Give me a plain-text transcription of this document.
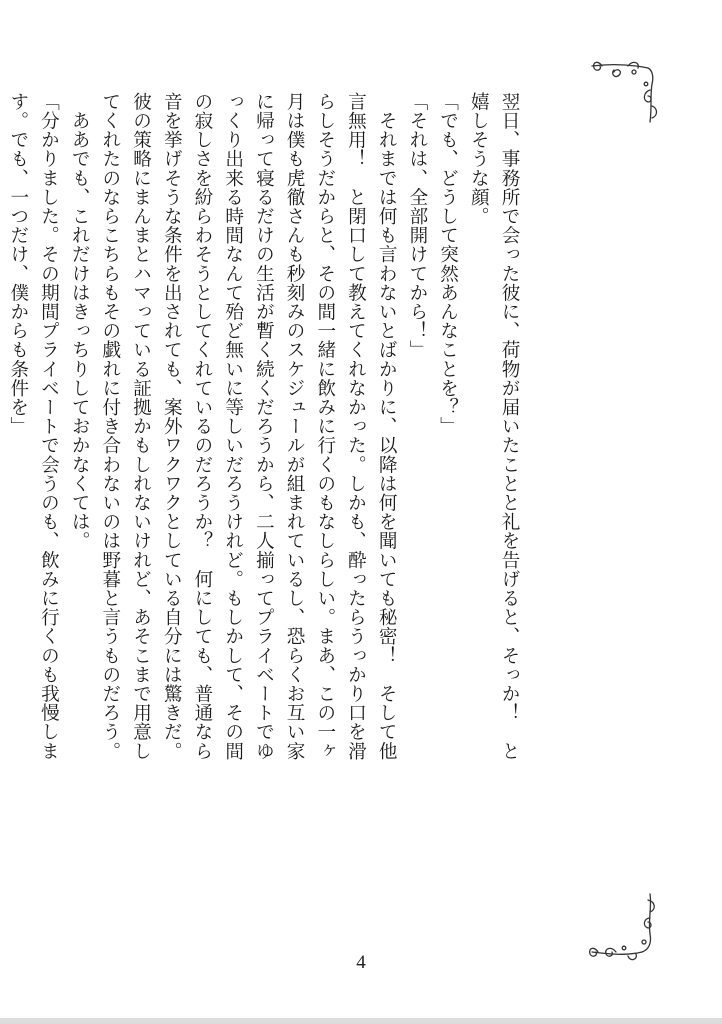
翌日、事務所で会った彼に、荷物が届いたことと礼を告げると、そっか！　と

嬉しそうな顔。

「でも、どうして突然あんなことを？」

「それは、全部開けてから！」

　それまでは何も言わないとばかりに、以降は何を聞いても秘密！　そして他

言無用！　と閉口して教えてくれなかった。しかも、酔ったらうっかり口を滑

らしそうだからと、その間一緒に飲みに行くのもなしらしい。まあ、この一ヶ

月は僕も虎徹さんも秒刻みのスケジュールが組まれているし、恐らくお互い家

に帰って寝るだけの生活が暫く続くだろうから、二人揃ってプライベートでゆ

っくり出来る時間なんて殆ど無いに等しいだろうけれど。もしかして、その間

の寂しさを紛らわそうとしてくれているのだろうか？　何にしても、普通なら

音を挙げそうな条件を出されても、案外ワクワクとしている自分には驚きだ。

彼の策略にまんまとハマっている証拠かもしれないけれど、あそこまで用意し

てくれたのならこちらもその戯れに付き合わないのは野暮と言うものだろう。

　ああでも、これだけはきっちりしておかなくては。

「分かりました。その期間プライベートで会うのも、飲みに行くのも我慢しま

す。でも、一つだけ、僕からも条件を」

4
